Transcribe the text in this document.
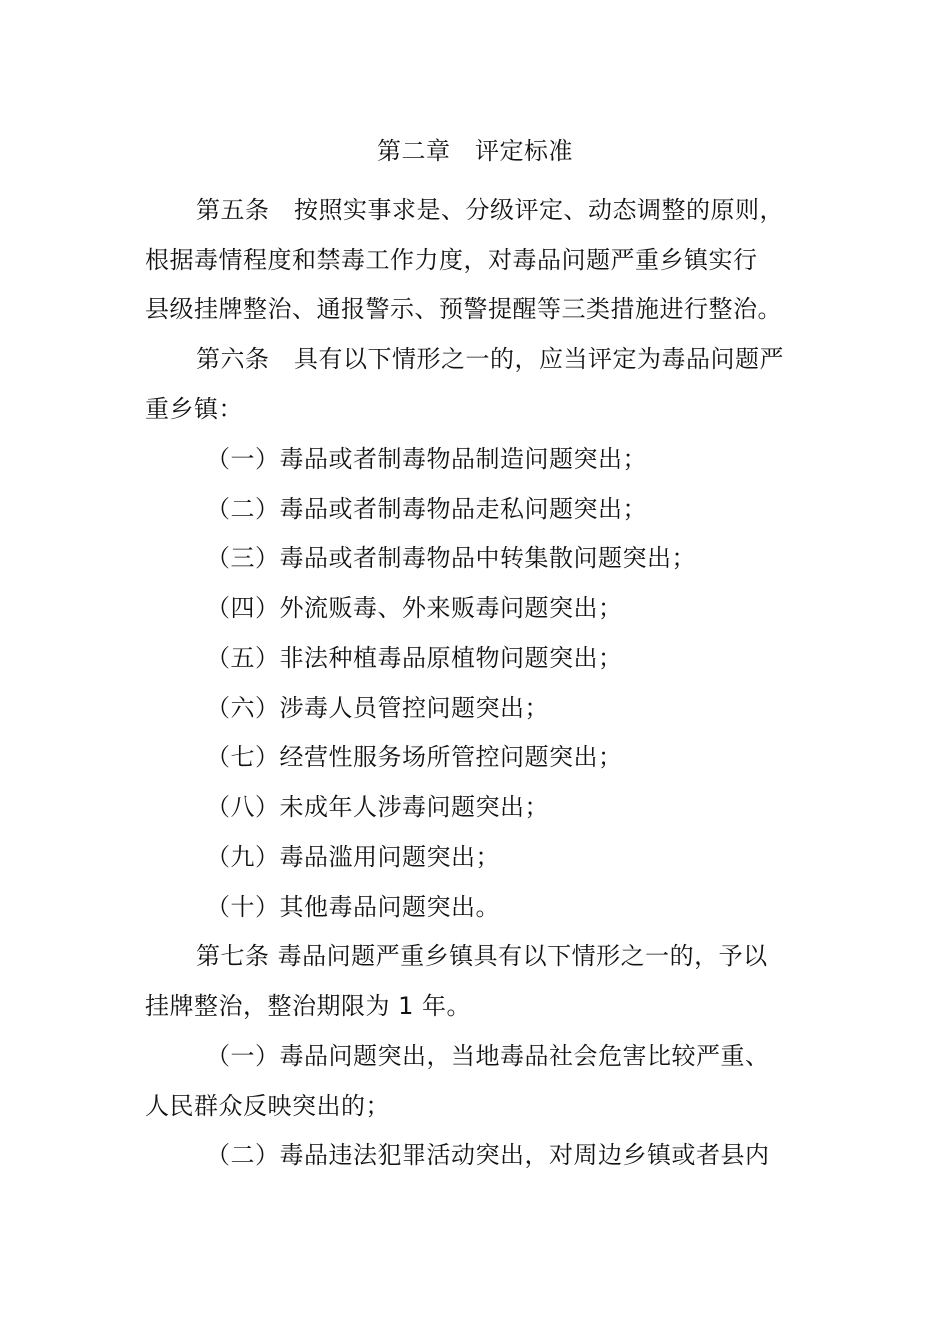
第二章　评定标准
第五条　按照实事求是、分级评定、动态调整的原则，
根据毒情程度和禁毒工作力度，对毒品问题严重乡镇实行
县级挂牌整治、通报警示、预警提醒等三类措施进行整治。
第六条　具有以下情形之一的，应当评定为毒品问题严
重乡镇：
（一）毒品或者制毒物品制造问题突出；
（二）毒品或者制毒物品走私问题突出；
（三）毒品或者制毒物品中转集散问题突出；
（四）外流贩毒、外来贩毒问题突出；
（五）非法种植毒品原植物问题突出；
（六）涉毒人员管控问题突出；
（七）经营性服务场所管控问题突出；
（八）未成年人涉毒问题突出；
（九）毒品滥用问题突出；
（十）其他毒品问题突出。
第七条 毒品问题严重乡镇具有以下情形之一的，予以
挂牌整治，整治期限为 1 年。
（一）毒品问题突出，当地毒品社会危害比较严重、
人民群众反映突出的；
（二）毒品违法犯罪活动突出，对周边乡镇或者县内
